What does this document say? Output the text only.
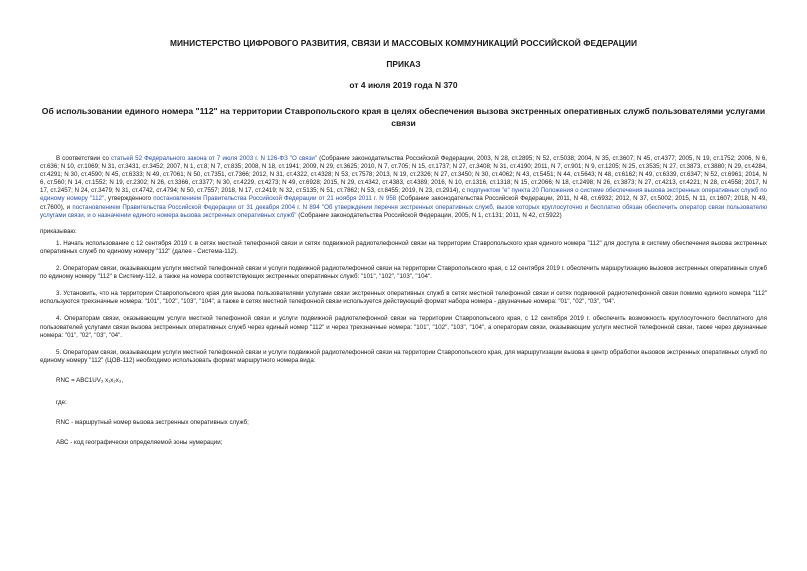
МИНИСТЕРСТВО ЦИФРОВОГО РАЗВИТИЯ, СВЯЗИ И МАССОВЫХ КОММУНИКАЦИЙ РОССИЙСКОЙ ФЕДЕРАЦИИ
ПРИКАЗ
от 4 июля 2019 года N 370
Об использовании единого номера "112" на территории Ставропольского края в целях обеспечения вызова экстренных оперативных служб пользователями услугами связи

В соответствии со статьей 52 Федерального закона от 7 июля 2003 г. N 126-ФЗ "О связи" (Собрание законодательства Российской Федерации, 2003, N 28, ст.2895; N 52, ст.5038; 2004, N 35, ст.3607; N 45, ст.4377; 2005, N 19, ст.1752; 2006, N 6, ст.636; N 10, ст.1069; N 31, ст.3431, ст.3452; 2007, N 1, ст.8; N 7, ст.835; 2008, N 18, ст.1941; 2009, N 29, ст.3625; 2010, N 7, ст.705; N 15, ст.1737; N 27, ст.3408; N 31, ст.4190; 2011, N 7, ст.901; N 9, ст.1205; N 25, ст.3535; N 27, ст.3873, ст.3880; N 29, ст.4284, ст.4291; N 30, ст.4590; N 45, ст.6333; N 49, ст.7061; N 50, ст.7351, ст.7366; 2012, N 31, ст.4322, ст.4328; N 53, ст.7578; 2013, N 19, ст.2326; N 27, ст.3450; N 30, ст.4062; N 43, ст.5451; N 44, ст.5643; N 48, ст.6162; N 49, ст.6339, ст.6347; N 52, ст.6961; 2014, N 6, ст.560; N 14, ст.1552; N 19, ст.2302; N 26, ст.3366, ст.3377; N 30, ст.4229, ст.4273; N 49, ст.6928; 2015, N 29, ст.4342, ст.4383, ст.4389; 2016, N 10, ст.1316, ст.1318; N 15, ст.2066; N 18, ст.2498; N 26, ст.3873; N 27, ст.4213, ст.4221; N 28, ст.4558; 2017, N 17, ст.2457; N 24, ст.3479; N 31, ст.4742, ст.4794; N 50, ст.7557; 2018, N 17, ст.2419; N 32, ст.5135; N 51, ст.7862; N 53, ст.8455; 2019, N 23, ст.2914), с подпунктом "е" пункта 20 Положения о системе обеспечения вызова экстренных оперативных служб по единому номеру "112", утвержденного постановлением Правительства Российской Федерации от 21 ноября 2011 г. N 958 (Собрание законодательства Российской Федерации, 2011, N 48, ст.6932; 2012, N 37, ст.5002; 2015, N 11, ст.1607; 2018, N 49, ст.7600), и постановлением Правительства Российской Федерации от 31 декабря 2004 г. N 894 "Об утверждении перечня экстренных оперативных служб, вызов которых круглосуточно и бесплатно обязан обеспечить оператор связи пользователю услугами связи, и о назначении единого номера вызова экстренных оперативных служб" (Собрание законодательства Российской Федерации, 2005, N 1, ст.131; 2011, N 42, ст.5922)

приказываю:

1. Начать использование с 12 сентября 2019 г. в сетях местной телефонной связи и сетях подвижной радиотелефонной связи на территории Ставропольского края единого номера "112" для доступа в систему обеспечения вызова экстренных оперативных служб по единому номеру "112" (далее - Система-112).

2. Операторам связи, оказывающим услуги местной телефонной связи и услуги подвижной радиотелефонной связи на территории Ставропольского края, с 12 сентября 2019 г. обеспечить маршрутизацию вызовов экстренных оперативных служб по единому номеру "112" в Систему-112, а также на номера соответствующих экстренных оперативных служб: "101", "102", "103", "104".

3. Установить, что на территории Ставропольского края для вызова пользователями услугами связи экстренных оперативных служб в сетях местной телефонной связи и сетях подвижной радиотелефонной связи помимо единого номера "112" используются трехзначные номера: "101", "102", "103", "104", а также в сетях местной телефонной связи используется действующий формат набора номера - двузначные номера: "01", "02", "03", "04".

4. Операторам связи, оказывающим услуги местной телефонной связи и услуги подвижной радиотелефонной связи на территории Ставропольского края, с 12 сентября 2019 г. обеспечить возможность круглосуточного бесплатного для пользователей услугами связи вызова экстренных оперативных служб через единый номер "112" и через трехзначные номера: "101", "102", "103", "104", а операторам связи, оказывающим услуги местной телефонной связи, также через двузначные номера: "01", "02", "03", "04".

5. Операторам связи, оказывающим услуги местной телефонной связи и услуги подвижной радиотелефонной связи на территории Ставропольского края, для маршрутизации вызова в центр обработки вызовов экстренных оперативных служб по единому номеру "112" (ЦОВ-112) необходимо использовать формат маршрутного номера вида:

RNC = ABC1UV₃ x₁x₂x₃,

где:

RNC - маршрутный номер вызова экстренных оперативных служб;

АВС - код географически определяемой зоны нумерации;
